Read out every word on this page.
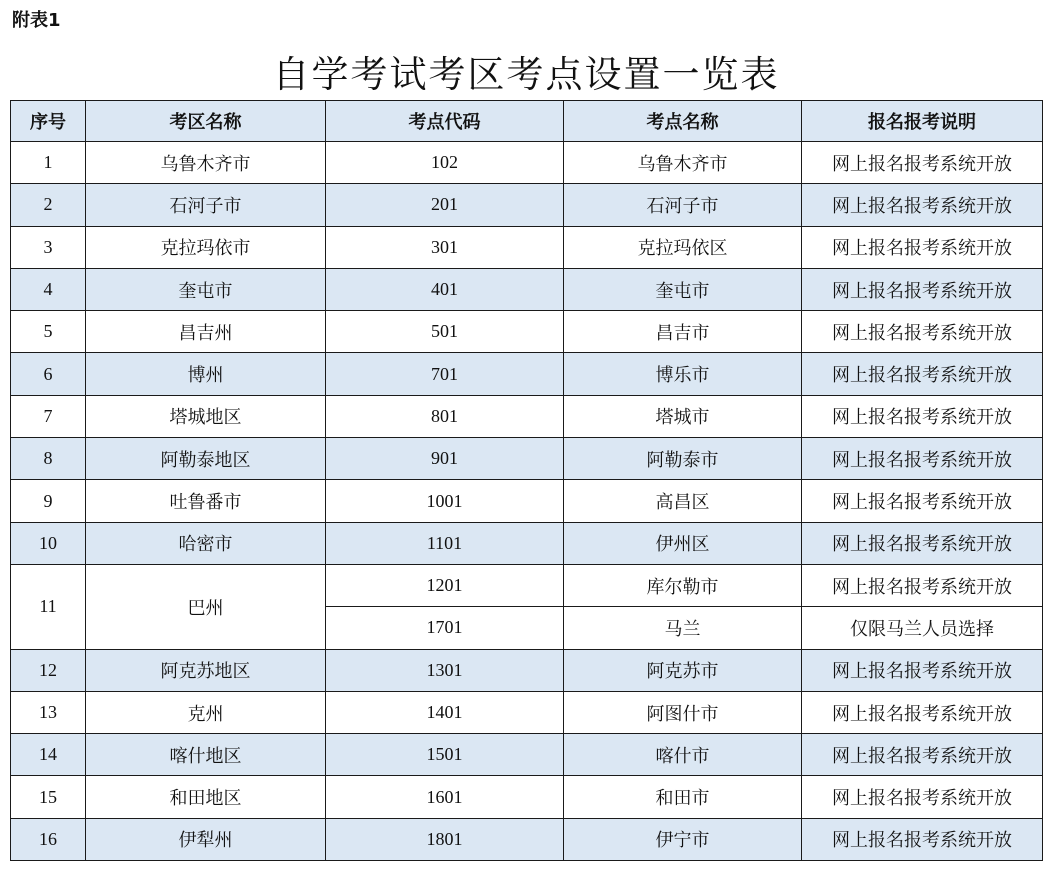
附表1
自学考试考区考点设置一览表
序号	考区名称	考点代码	考点名称	报名报考说明
1	乌鲁木齐市	102	乌鲁木齐市	网上报名报考系统开放
2	石河子市	201	石河子市	网上报名报考系统开放
3	克拉玛依市	301	克拉玛依区	网上报名报考系统开放
4	奎屯市	401	奎屯市	网上报名报考系统开放
5	昌吉州	501	昌吉市	网上报名报考系统开放
6	博州	701	博乐市	网上报名报考系统开放
7	塔城地区	801	塔城市	网上报名报考系统开放
8	阿勒泰地区	901	阿勒泰市	网上报名报考系统开放
9	吐鲁番市	1001	高昌区	网上报名报考系统开放
10	哈密市	1101	伊州区	网上报名报考系统开放
11	巴州	1201	库尔勒市	网上报名报考系统开放
		1701	马兰	仅限马兰人员选择
12	阿克苏地区	1301	阿克苏市	网上报名报考系统开放
13	克州	1401	阿图什市	网上报名报考系统开放
14	喀什地区	1501	喀什市	网上报名报考系统开放
15	和田地区	1601	和田市	网上报名报考系统开放
16	伊犁州	1801	伊宁市	网上报名报考系统开放
